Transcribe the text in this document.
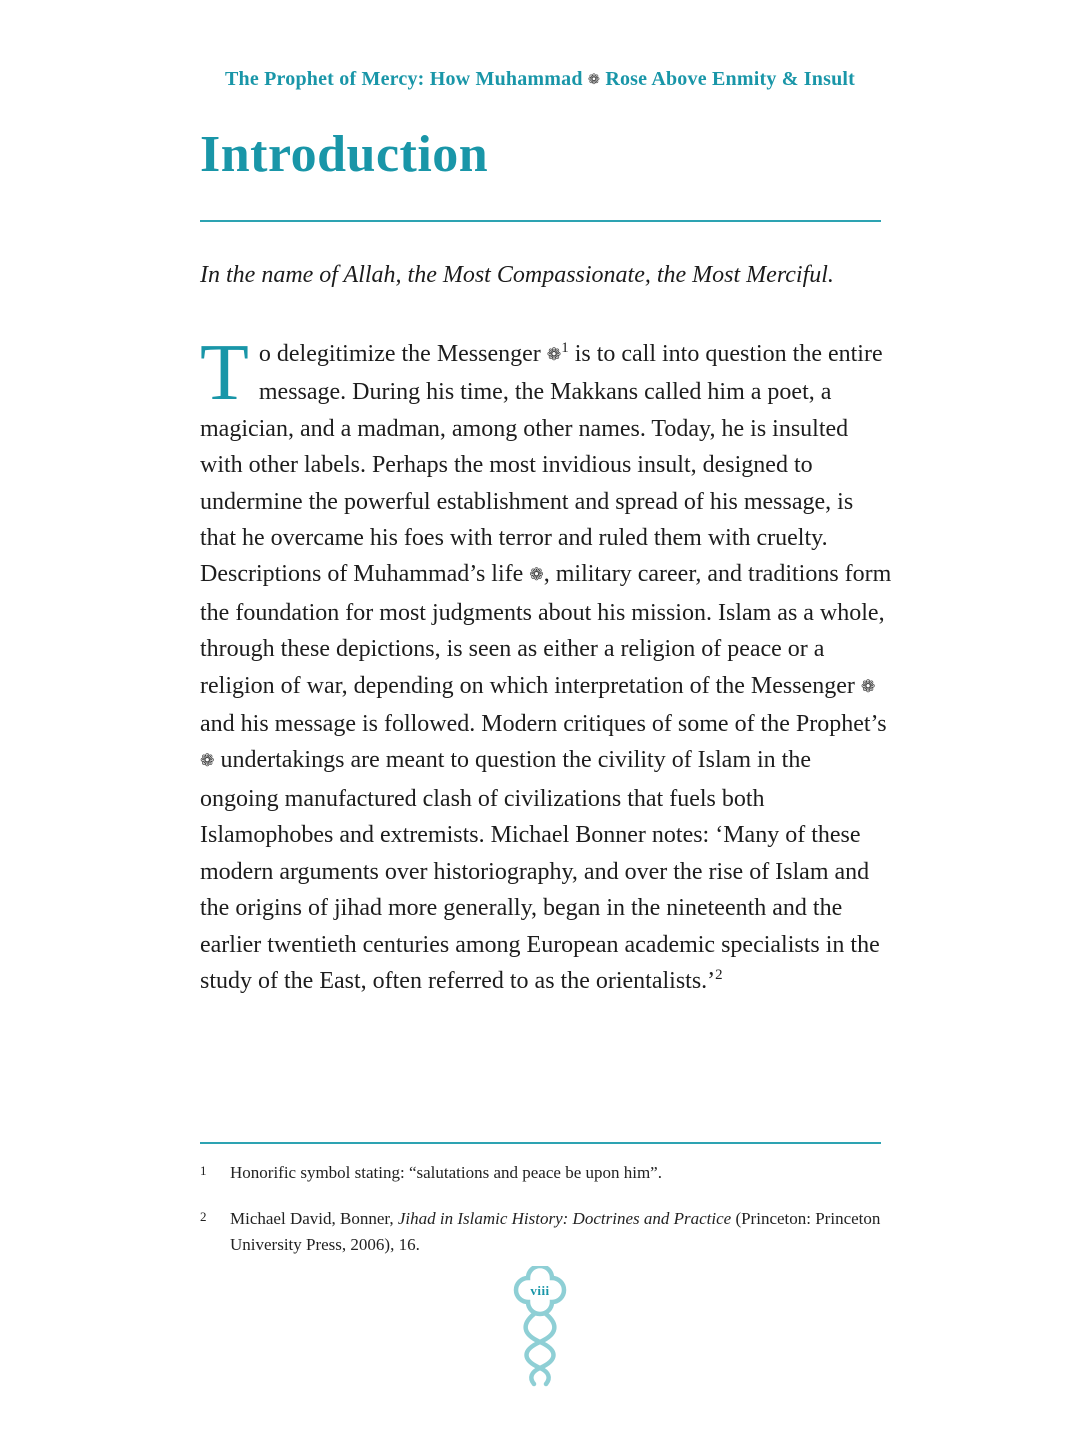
The Prophet of Mercy: How Muhammad ❁ Rose Above Enmity & Insult
Introduction

In the name of Allah, the Most Compassionate, the Most Merciful.

To delegitimize the Messenger ❁$^1$ is to call into question the entire message. During his time, the Makkans called him a poet, a magician, and a madman, among other names. Today, he is insulted with other labels. Perhaps the most invidious insult, designed to undermine the powerful establishment and spread of his message, is that he overcame his foes with terror and ruled them with cruelty. Descriptions of Muhammad’s life ❁, military career, and traditions form the foundation for most judgments about his mission. Islam as a whole, through these depictions, is seen as either a religion of peace or a religion of war, depending on which interpretation of the Messenger ❁ and his message is followed. Modern critiques of some of the Prophet’s ❁ undertakings are meant to question the civility of Islam in the ongoing manufactured clash of civilizations that fuels both Islamophobes and extremists. Michael Bonner notes: ‘Many of these modern arguments over historiography, and over the rise of Islam and the origins of jihad more generally, began in the nineteenth and the earlier twentieth centuries among European academic specialists in the study of the East, often referred to as the orientalists.’$^2$
1	Honorific symbol stating: “salutations and peace be upon him”.
2	Michael David, Bonner, Jihad in Islamic History: Doctrines and Practice (Princeton: Princeton University Press, 2006), 16.
viii
